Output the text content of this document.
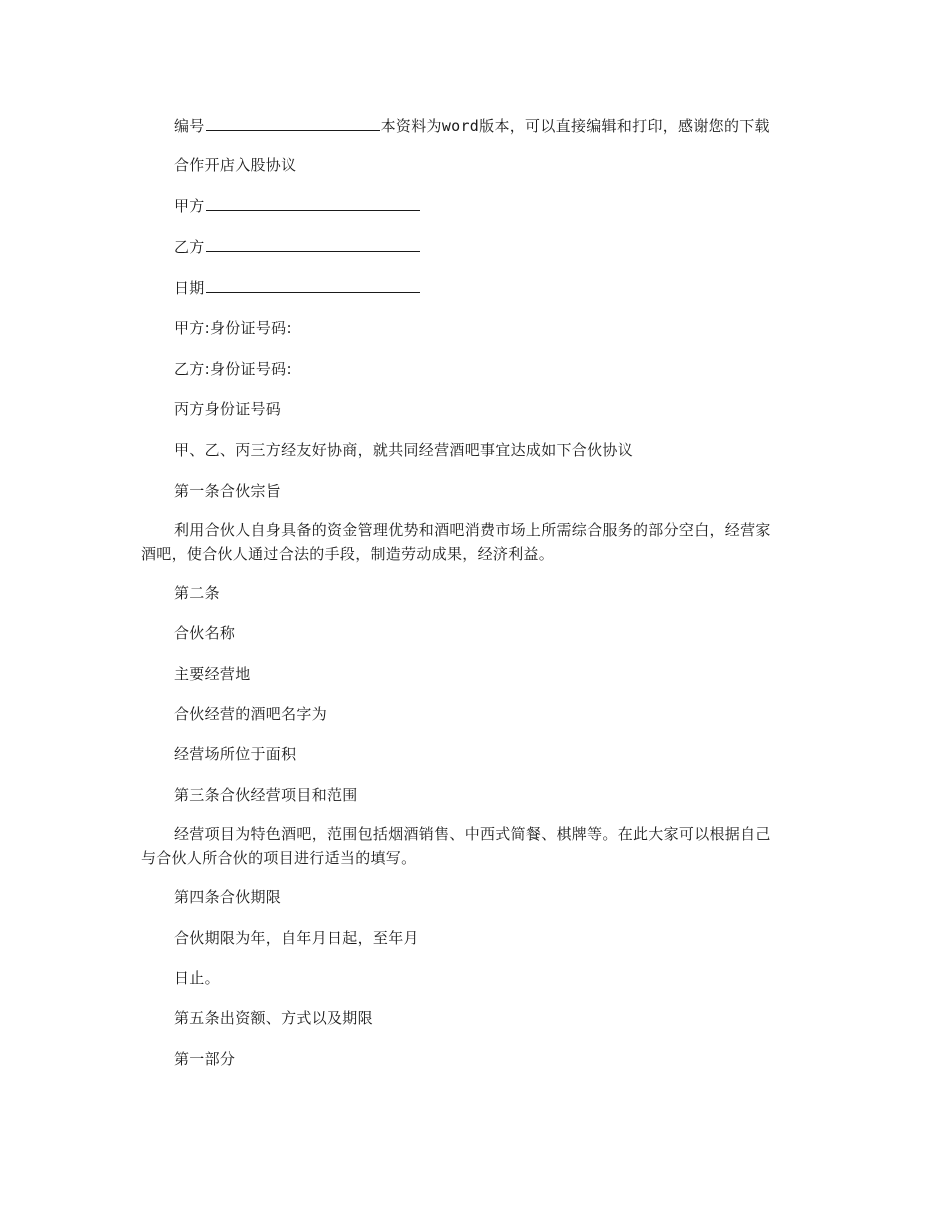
编号	本资料为word版本，可以直接编辑和打印，感谢您的下载
合作开店入股协议
甲方
乙方
日期
甲方:身份证号码:
乙方:身份证号码:
丙方身份证号码
甲、乙、丙三方经友好协商，就共同经营酒吧事宜达成如下合伙协议
第一条合伙宗旨
利用合伙人自身具备的资金管理优势和酒吧消费市场上所需综合服务的部分空白，经营家
酒吧，使合伙人通过合法的手段，制造劳动成果，经济利益。
第二条
合伙名称
主要经营地
合伙经营的酒吧名字为
经营场所位于面积
第三条合伙经营项目和范围
经营项目为特色酒吧，范围包括烟酒销售、中西式简餐、棋牌等。在此大家可以根据自己
与合伙人所合伙的项目进行适当的填写。
第四条合伙期限
合伙期限为年，自年月日起，至年月
日止。
第五条出资额、方式以及期限
第一部分
